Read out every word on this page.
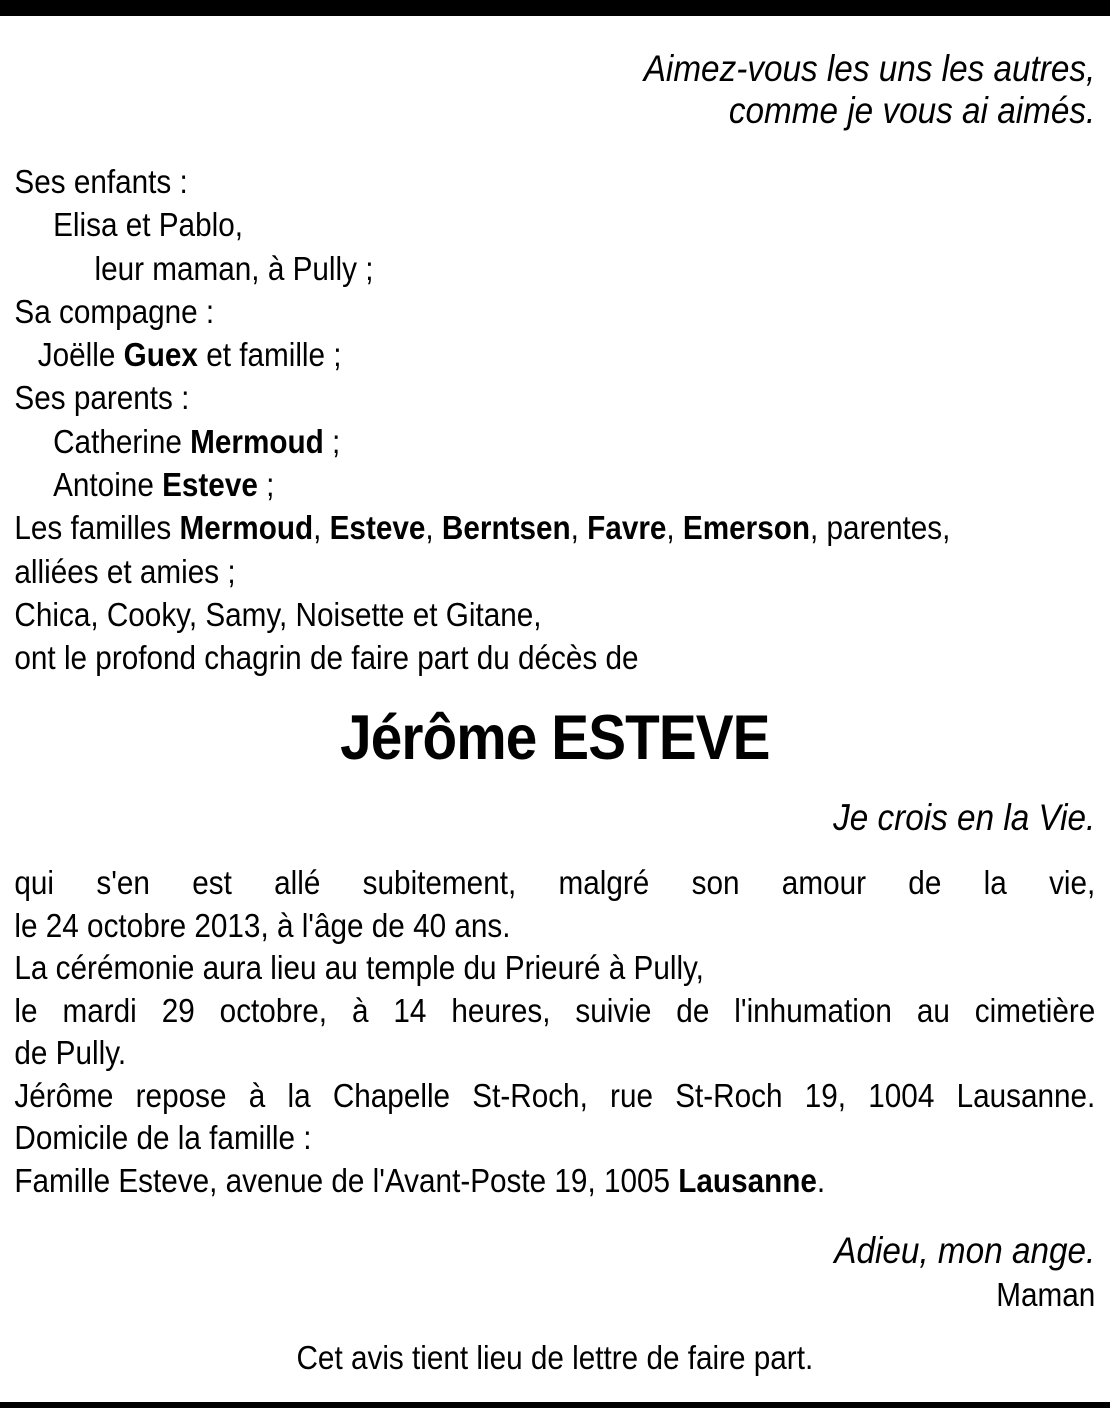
Aimez-vous les uns les autres,
comme je vous ai aimés.
Ses enfants :
Elisa et Pablo,
leur maman, à Pully ;
Sa compagne :
Joëlle Guex et famille ;
Ses parents :
Catherine Mermoud ;
Antoine Esteve ;
Les familles Mermoud, Esteve, Berntsen, Favre, Emerson, parentes,
alliées et amies ;
Chica, Cooky, Samy, Noisette et Gitane,
ont le profond chagrin de faire part du décès de
Jérôme ESTEVE
Je crois en la Vie.
qui s'en est allé subitement, malgré son amour de la vie,
le 24 octobre 2013, à l'âge de 40 ans.
La cérémonie aura lieu au temple du Prieuré à Pully,
le mardi 29 octobre, à 14 heures, suivie de l'inhumation au cimetière
de Pully.
Jérôme repose à la Chapelle St-Roch, rue St-Roch 19, 1004 Lausanne.
Domicile de la famille :
Famille Esteve, avenue de l'Avant-Poste 19, 1005 Lausanne.
Adieu, mon ange.
Maman
Cet avis tient lieu de lettre de faire part.
